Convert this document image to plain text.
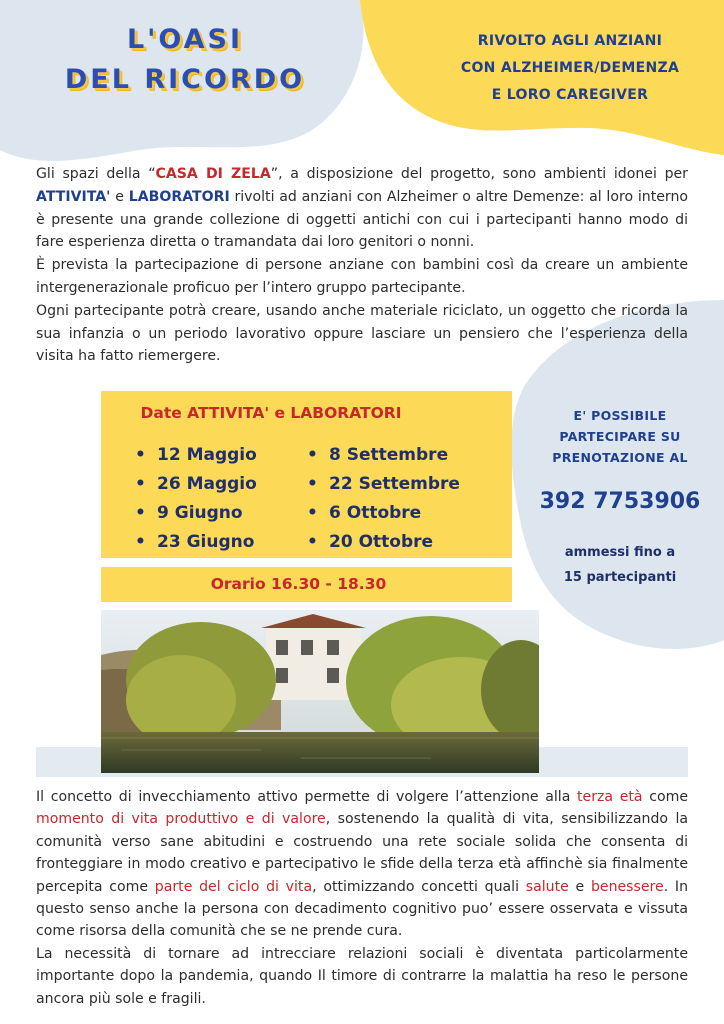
L'OASI
DEL RICORDO
RIVOLTO AGLI ANZIANI
CON ALZHEIMER/DEMENZA
E LORO CAREGIVER

Gli spazi della “CASA DI ZELA”, a disposizione del progetto, sono ambienti idonei per ATTIVITA' e LABORATORI rivolti ad anziani con Alzheimer o altre Demenze: al loro interno è presente una grande collezione di oggetti antichi con cui i partecipanti hanno modo di fare esperienza diretta o tramandata dai loro genitori o nonni.

È prevista la partecipazione di persone anziane con bambini così da creare un ambiente intergenerazionale proficuo per l’intero gruppo partecipante.

Ogni partecipante potrà creare, usando anche materiale riciclato, un oggetto che ricorda la sua infanzia o un periodo lavorativo oppure lasciare un pensiero che l’esperienza della visita ha fatto riemergere.

Date ATTIVITA' e LABORATORI
• 12 Maggio
• 26 Maggio
• 9 Giugno
• 23 Giugno
• 8 Settembre
• 22 Settembre
• 6 Ottobre
• 20 Ottobre
Orario 16.30 - 18.30
E' POSSIBILE
PARTECIPARE SU
PRENOTAZIONE AL
392 7753906
ammessi fino a
15 partecipanti

Il concetto di invecchiamento attivo permette di volgere l’attenzione alla terza età come momento di vita produttivo e di valore, sostenendo la qualità di vita, sensibilizzando la comunità verso sane abitudini e costruendo una rete sociale solida che consenta di fronteggiare in modo creativo e partecipativo le sfide della terza età affinchè sia finalmente percepita come parte del ciclo di vita, ottimizzando concetti quali salute e benessere. In questo senso anche la persona con decadimento cognitivo puo’ essere osservata e vissuta come risorsa della comunità che se ne prende cura.

La necessità di tornare ad intrecciare relazioni sociali è diventata particolarmente importante dopo la pandemia, quando Il timore di contrarre la malattia ha reso le persone ancora più sole e fragili.
